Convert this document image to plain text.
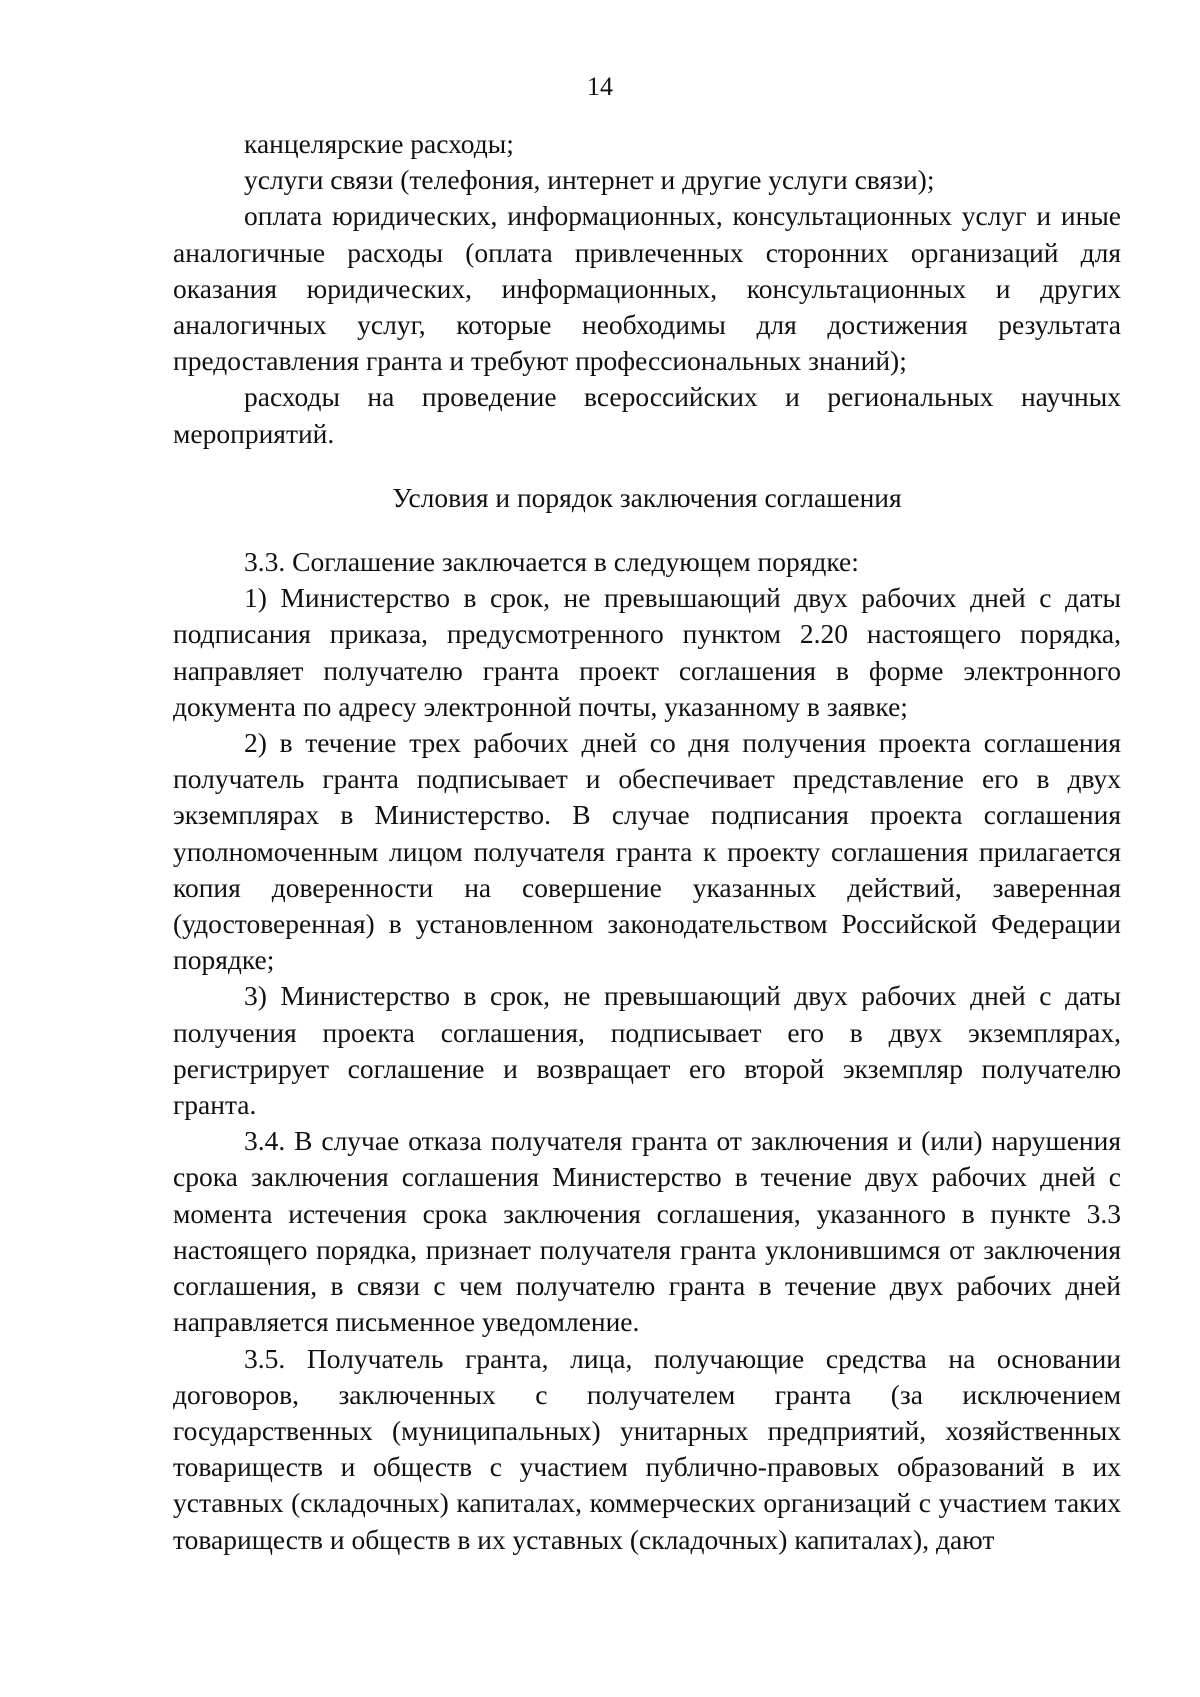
14

канцелярские расходы;

услуги связи (телефония, интернет и другие услуги связи);

оплата юридических, информационных, консультационных услуг и иные аналогичные расходы (оплата привлеченных сторонних организаций для оказания юридических, информационных, консультационных и других аналогичных услуг, которые необходимы для достижения результата предоставления гранта и требуют профессиональных знаний);

расходы на проведение всероссийских и региональных научных мероприятий.

Условия и порядок заключения соглашения

3.3. Соглашение заключается в следующем порядке:

1) Министерство в срок, не превышающий двух рабочих дней с даты подписания приказа, предусмотренного пунктом 2.20 настоящего порядка, направляет получателю гранта проект соглашения в форме электронного документа по адресу электронной почты, указанному в заявке;

2) в течение трех рабочих дней со дня получения проекта соглашения получатель гранта подписывает и обеспечивает представление его в двух экземплярах в Министерство. В случае подписания проекта соглашения уполномоченным лицом получателя гранта к проекту соглашения прилагается копия доверенности на совершение указанных действий, заверенная (удостоверенная) в установленном законодательством Российской Федерации порядке;

3) Министерство в срок, не превышающий двух рабочих дней с даты получения проекта соглашения, подписывает его в двух экземплярах, регистрирует соглашение и возвращает его второй экземпляр получателю гранта.

3.4. В случае отказа получателя гранта от заключения и (или) нарушения срока заключения соглашения Министерство в течение двух рабочих дней с момента истечения срока заключения соглашения, указанного в пункте 3.3 настоящего порядка, признает получателя гранта уклонившимся от заключения соглашения, в связи с чем получателю гранта в течение двух рабочих дней направляется письменное уведомление.

3.5. Получатель гранта, лица, получающие средства на основании договоров, заключенных с получателем гранта (за исключением государственных (муниципальных) унитарных предприятий, хозяйственных товариществ и обществ с участием публично-правовых образований в их уставных (складочных) капиталах, коммерческих организаций с участием таких товариществ и обществ в их уставных (складочных) капиталах), дают
